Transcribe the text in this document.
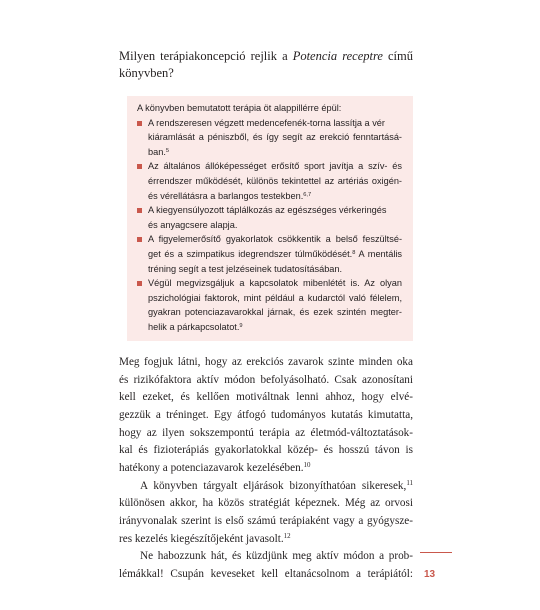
Milyen terápiakoncepció rejlik a Potencia receptre című
könyvben?
A könyvben bemutatott terápia öt alappillérre épül:
A rendszeresen végzett medencefenék-torna lassítja a vér
kiáramlását a péniszből, és így segít az erekció fenntartásá-
ban.$^5$
Az általános állóképességet erősítő sport javítja a szív- és
érrendszer működését, különös tekintettel az artériás oxigén-
és vérellátásra a barlangos testekben.$^{6,7}$
A kiegyensúlyozott táplálkozás az egészséges vérkeringés
és anyagcsere alapja.
A figyelemerősítő gyakorlatok csökkentik a belső feszültsé-
get és a szimpatikus idegrendszer túlműködését.$^8$ A mentális
tréning segít a test jelzéseinek tudatosításában.
Végül megvizsgáljuk a kapcsolatok mibenlétét is. Az olyan
pszichológiai faktorok, mint például a kudarctól való félelem,
gyakran potenciazavarokkal járnak, és ezek szintén megter-
helik a párkapcsolatot.$^9$
Meg fogjuk látni, hogy az erekciós zavarok szinte minden oka
és rizikófaktora aktív módon befolyásolható. Csak azonosítani
kell ezeket, és kellően motiváltnak lenni ahhoz, hogy elvé-
gezzük a tréninget. Egy átfogó tudományos kutatás kimutatta,
hogy az ilyen sokszempontú terápia az életmód-változtatások-
kal és fizioterápiás gyakorlatokkal közép- és hosszú távon is
hatékony a potenciazavarok kezelésében.$^{10}$
A könyvben tárgyalt eljárások bizonyíthatóan sikeresek,$^{11}$
különösen akkor, ha közös stratégiát képeznek. Még az orvosi
irányvonalak szerint is első számú terápiaként vagy a gyógysze-
res kezelés kiegészítőjeként javasolt.$^{12}$
Ne habozzunk hát, és küzdjünk meg aktív módon a prob-
lémákkal! Csupán keveseket kell eltanácsolnom a terápiától: 13
